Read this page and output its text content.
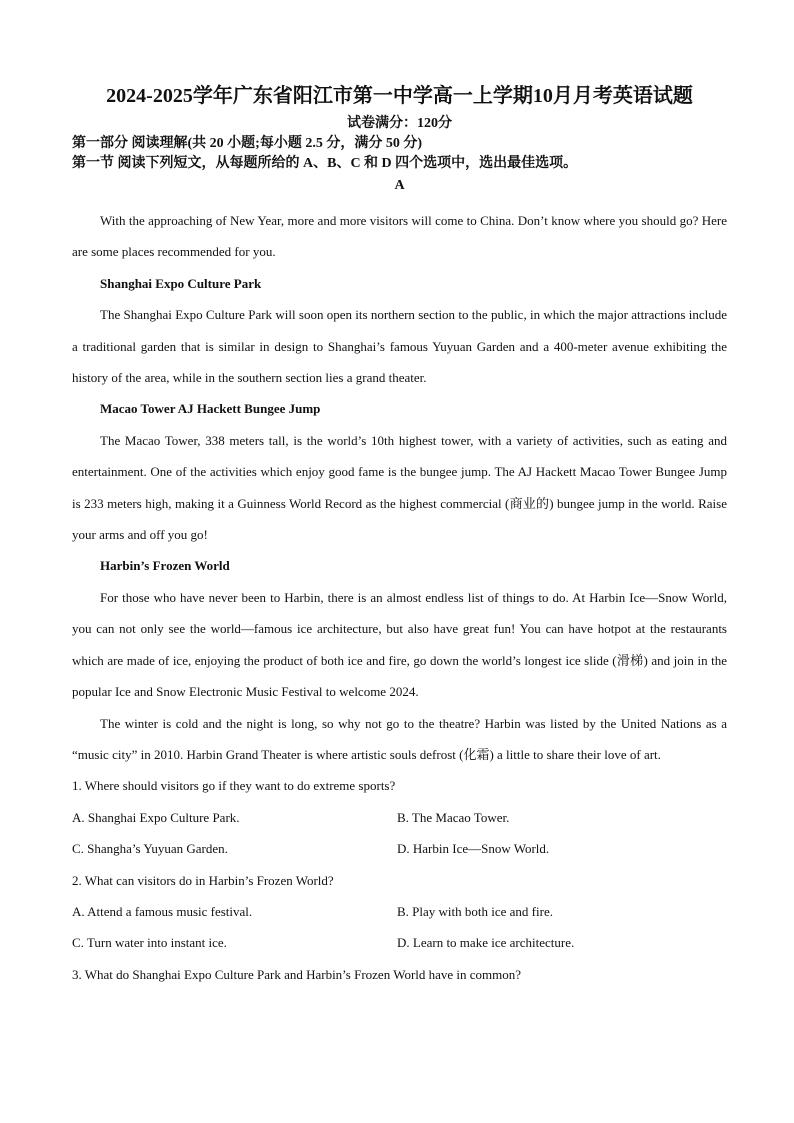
2024-2025学年广东省阳江市第一中学高一上学期10月月考英语试题
试卷满分：120分
第一部分 阅读理解(共 20 小题;每小题 2.5 分，满分 50 分)
第一节 阅读下列短文，从每题所给的 A、B、C 和 D 四个选项中，选出最佳选项。
A

With the approaching of New Year, more and more visitors will come to China. Don’t know where you should go? Here are some places recommended for you.

Shanghai Expo Culture Park

The Shanghai Expo Culture Park will soon open its northern section to the public, in which the major attractions include a traditional garden that is similar in design to Shanghai’s famous Yuyuan Garden and a 400-meter avenue exhibiting the history of the area, while in the southern section lies a grand theater.

Macao Tower AJ Hackett Bungee Jump

The Macao Tower, 338 meters tall, is the world’s 10th highest tower, with a variety of activities, such as eating and entertainment. One of the activities which enjoy good fame is the bungee jump. The AJ Hackett Macao Tower Bungee Jump is 233 meters high, making it a Guinness World Record as the highest commercial (商业的) bungee jump in the world. Raise your arms and off you go!

Harbin’s Frozen World

For those who have never been to Harbin, there is an almost endless list of things to do. At Harbin Ice—Snow World, you can not only see the world—famous ice architecture, but also have great fun! You can have hotpot at the restaurants which are made of ice, enjoying the product of both ice and fire, go down the world’s longest ice slide (滑梯) and join in the popular Ice and Snow Electronic Music Festival to welcome 2024.

The winter is cold and the night is long, so why not go to the theatre? Harbin was listed by the United Nations as a “music city” in 2010. Harbin Grand Theater is where artistic souls defrost (化霜) a little to share their love of art.

1. Where should visitors go if they want to do extreme sports?

A. Shanghai Expo Culture Park.	B. The Macao Tower.
C. Shangha’s Yuyuan Garden.	D. Harbin Ice—Snow World.

2. What can visitors do in Harbin’s Frozen World?

A. Attend a famous music festival.	B. Play with both ice and fire.
C. Turn water into instant ice.	D. Learn to make ice architecture.

3. What do Shanghai Expo Culture Park and Harbin’s Frozen World have in common?
